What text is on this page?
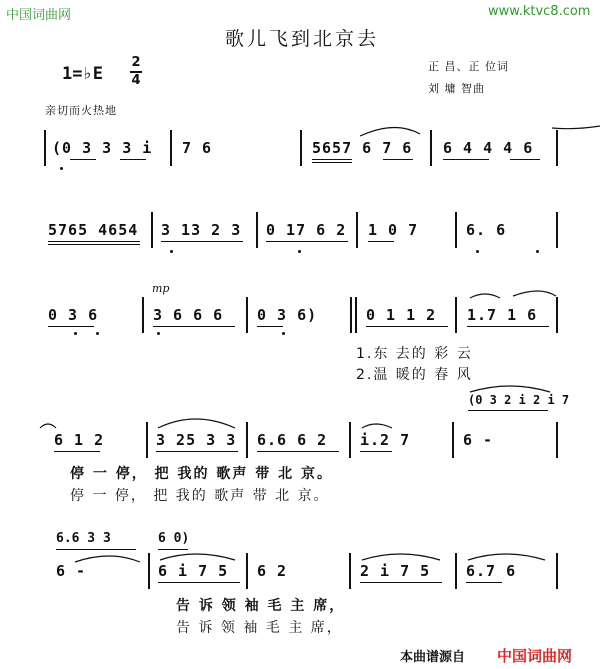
中国词曲网	www.ktvc8.com
歌儿飞到北京去
正 昌、正 位词
刘 墉 智曲
1=♭E
2
4
亲切而火热地
(0 3 3 3 i 7 6	5657 6 7 6 6 4 4 4 6
5765 4654 3 13 2 3 0 17 6 2 1 0 7	6. 6
mp
0 3 6	3 6 6 6 0 3 6)	0 1 1 2 1.7 1 6
1.东 去的 彩 云
2.温 暖的 春 风
(0 3 2 i 2 i 7
6 1 2	3 25 3 3 6.6 6 2 i.2 7	6 -
停 一 停， 把 我的 歌声 带 北 京。
停 一 停， 把 我的 歌声 带 北 京。
6.6 3 3	6 0)
6 -	6 i 7 5 6 2	2 i 7 5 6.7 6
告 诉 领 袖 毛 主 席，
告 诉 领 袖 毛 主 席，
本曲谱源自 中国词曲网
